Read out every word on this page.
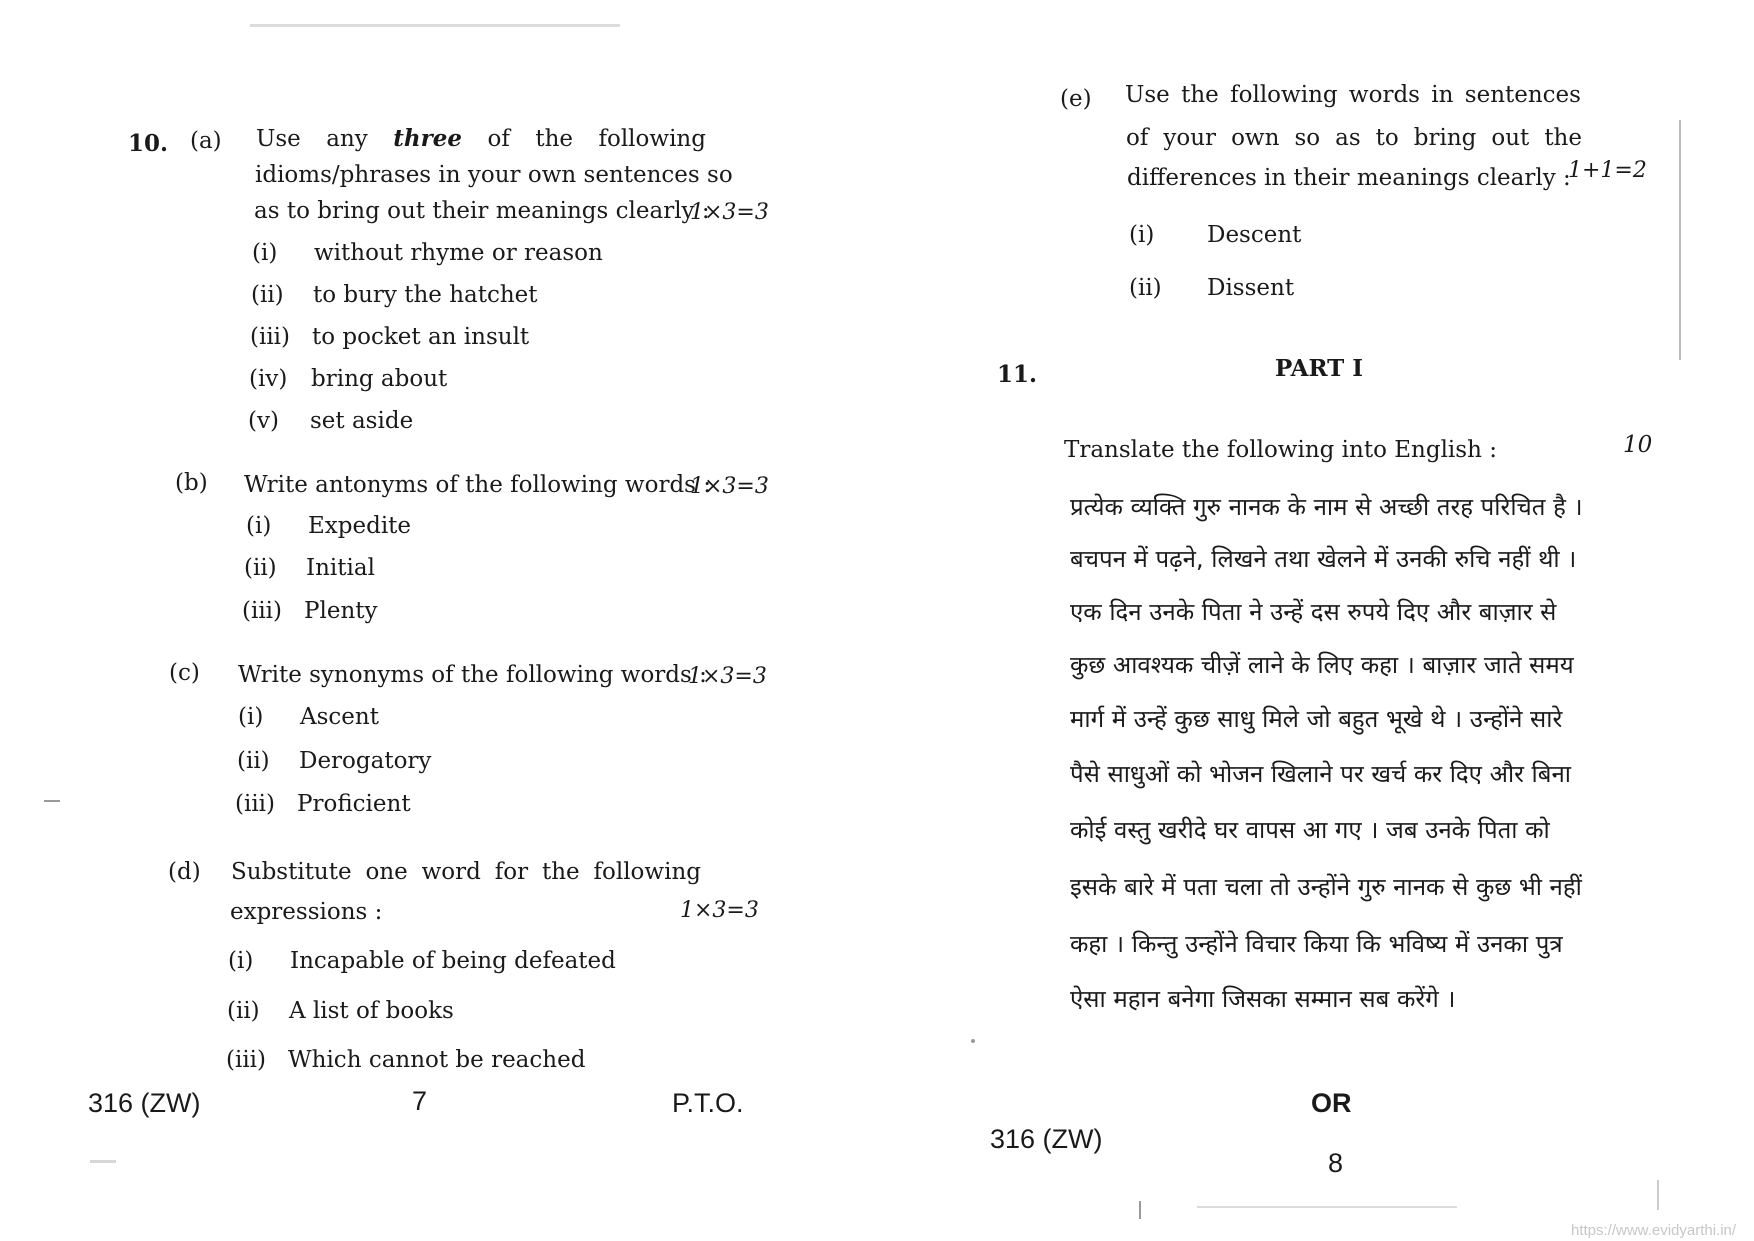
10. (a) Use any three of the following
idioms/phrases in your own sentences so
as to bring out their meanings clearly :
1×3=3
(i) without rhyme or reason
(ii) to bury the hatchet
(iii) to pocket an insult
(iv) bring about
(v) set aside
(b) Write antonyms of the following words :
1×3=3
(i) Expedite
(ii) Initial
(iii) Plenty
(c) Write synonyms of the following words :
1×3=3
(i) Ascent
(ii) Derogatory
(iii) Proficient
(d) Substitute one word for the following
expressions :	1×3=3
(i) Incapable of being defeated
(ii) A list of books
(iii) Which cannot be reached
316 (ZW)	7	P.T.O.
(e) Use the following words in sentences
of your own so as to bring out the
differences in their meanings clearly :
1+1=2
(i) Descent
(ii) Dissent
11.	PART I
Translate the following into English :	10
प्रत्येक व्यक्ति गुरु नानक के नाम से अच्छी तरह परिचित है ।
बचपन में पढ़ने, लिखने तथा खेलने में उनकी रुचि नहीं थी ।
एक दिन उनके पिता ने उन्हें दस रुपये दिए और बाज़ार से
कुछ आवश्यक चीज़ें लाने के लिए कहा । बाज़ार जाते समय
मार्ग में उन्हें कुछ साधु मिले जो बहुत भूखे थे । उन्होंने सारे
पैसे साधुओं को भोजन खिलाने पर खर्च कर दिए और बिना
कोई वस्तु खरीदे घर वापस आ गए । जब उनके पिता को
इसके बारे में पता चला तो उन्होंने गुरु नानक से कुछ भी नहीं
कहा । किन्तु उन्होंने विचार किया कि भविष्य में उनका पुत्र
ऐसा महान बनेगा जिसका सम्मान सब करेंगे ।
OR
316 (ZW)
8
https://www.evidyarthi.in/
